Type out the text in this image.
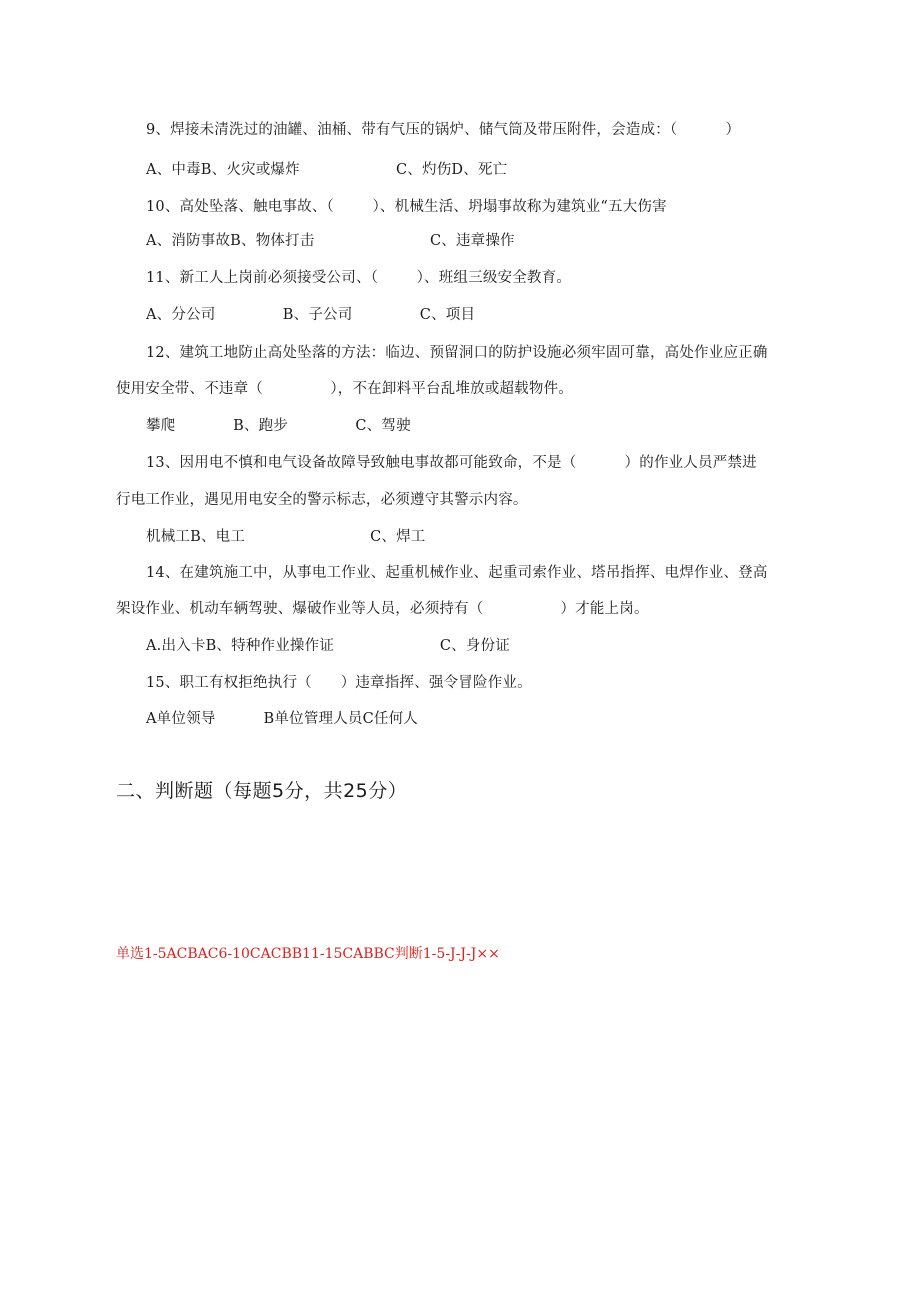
9、焊接未清洗过的油罐、油桶、带有气压的锅炉、储气筒及带压附件，会造成：（          ）
A、中毒B、火灾或爆炸                    C、灼伤D、死亡
10、高处坠落、触电事故、（        ）、机械生活、坍塌事故称为建筑业“五大伤害
A、消防事故B、物体打击                        C、违章操作
11、新工人上岗前必须接受公司、（        ）、班组三级安全教育。
A、分公司              B、子公司              C、项目
12、建筑工地防止高处坠落的方法：临边、预留洞口的防护设施必须牢固可靠，高处作业应正确
使用安全带、不违章（              ），不在卸料平台乱堆放或超载物件。
攀爬            B、跑步              C、驾驶
13、因用电不慎和电气设备故障导致触电事故都可能致命，不是（          ）的作业人员严禁进
行电工作业，遇见用电安全的警示标志，必须遵守其警示内容。
机械工B、电工                          C、焊工
14、在建筑施工中，从事电工作业、起重机械作业、起重司索作业、塔吊指挥、电焊作业、登高
架设作业、机动车辆驾驶、爆破作业等人员，必须持有（                ）才能上岗。
A.出入卡B、特种作业操作证                      C、身份证
15、职工有权拒绝执行（      ）违章指挥、强令冒险作业。
A单位领导          B单位管理人员C任何人
二、判断题（每题5分，共25分）
单选1-5ACBAC6-10CACBB11-15CABBC判断1-5-J-J-J××
